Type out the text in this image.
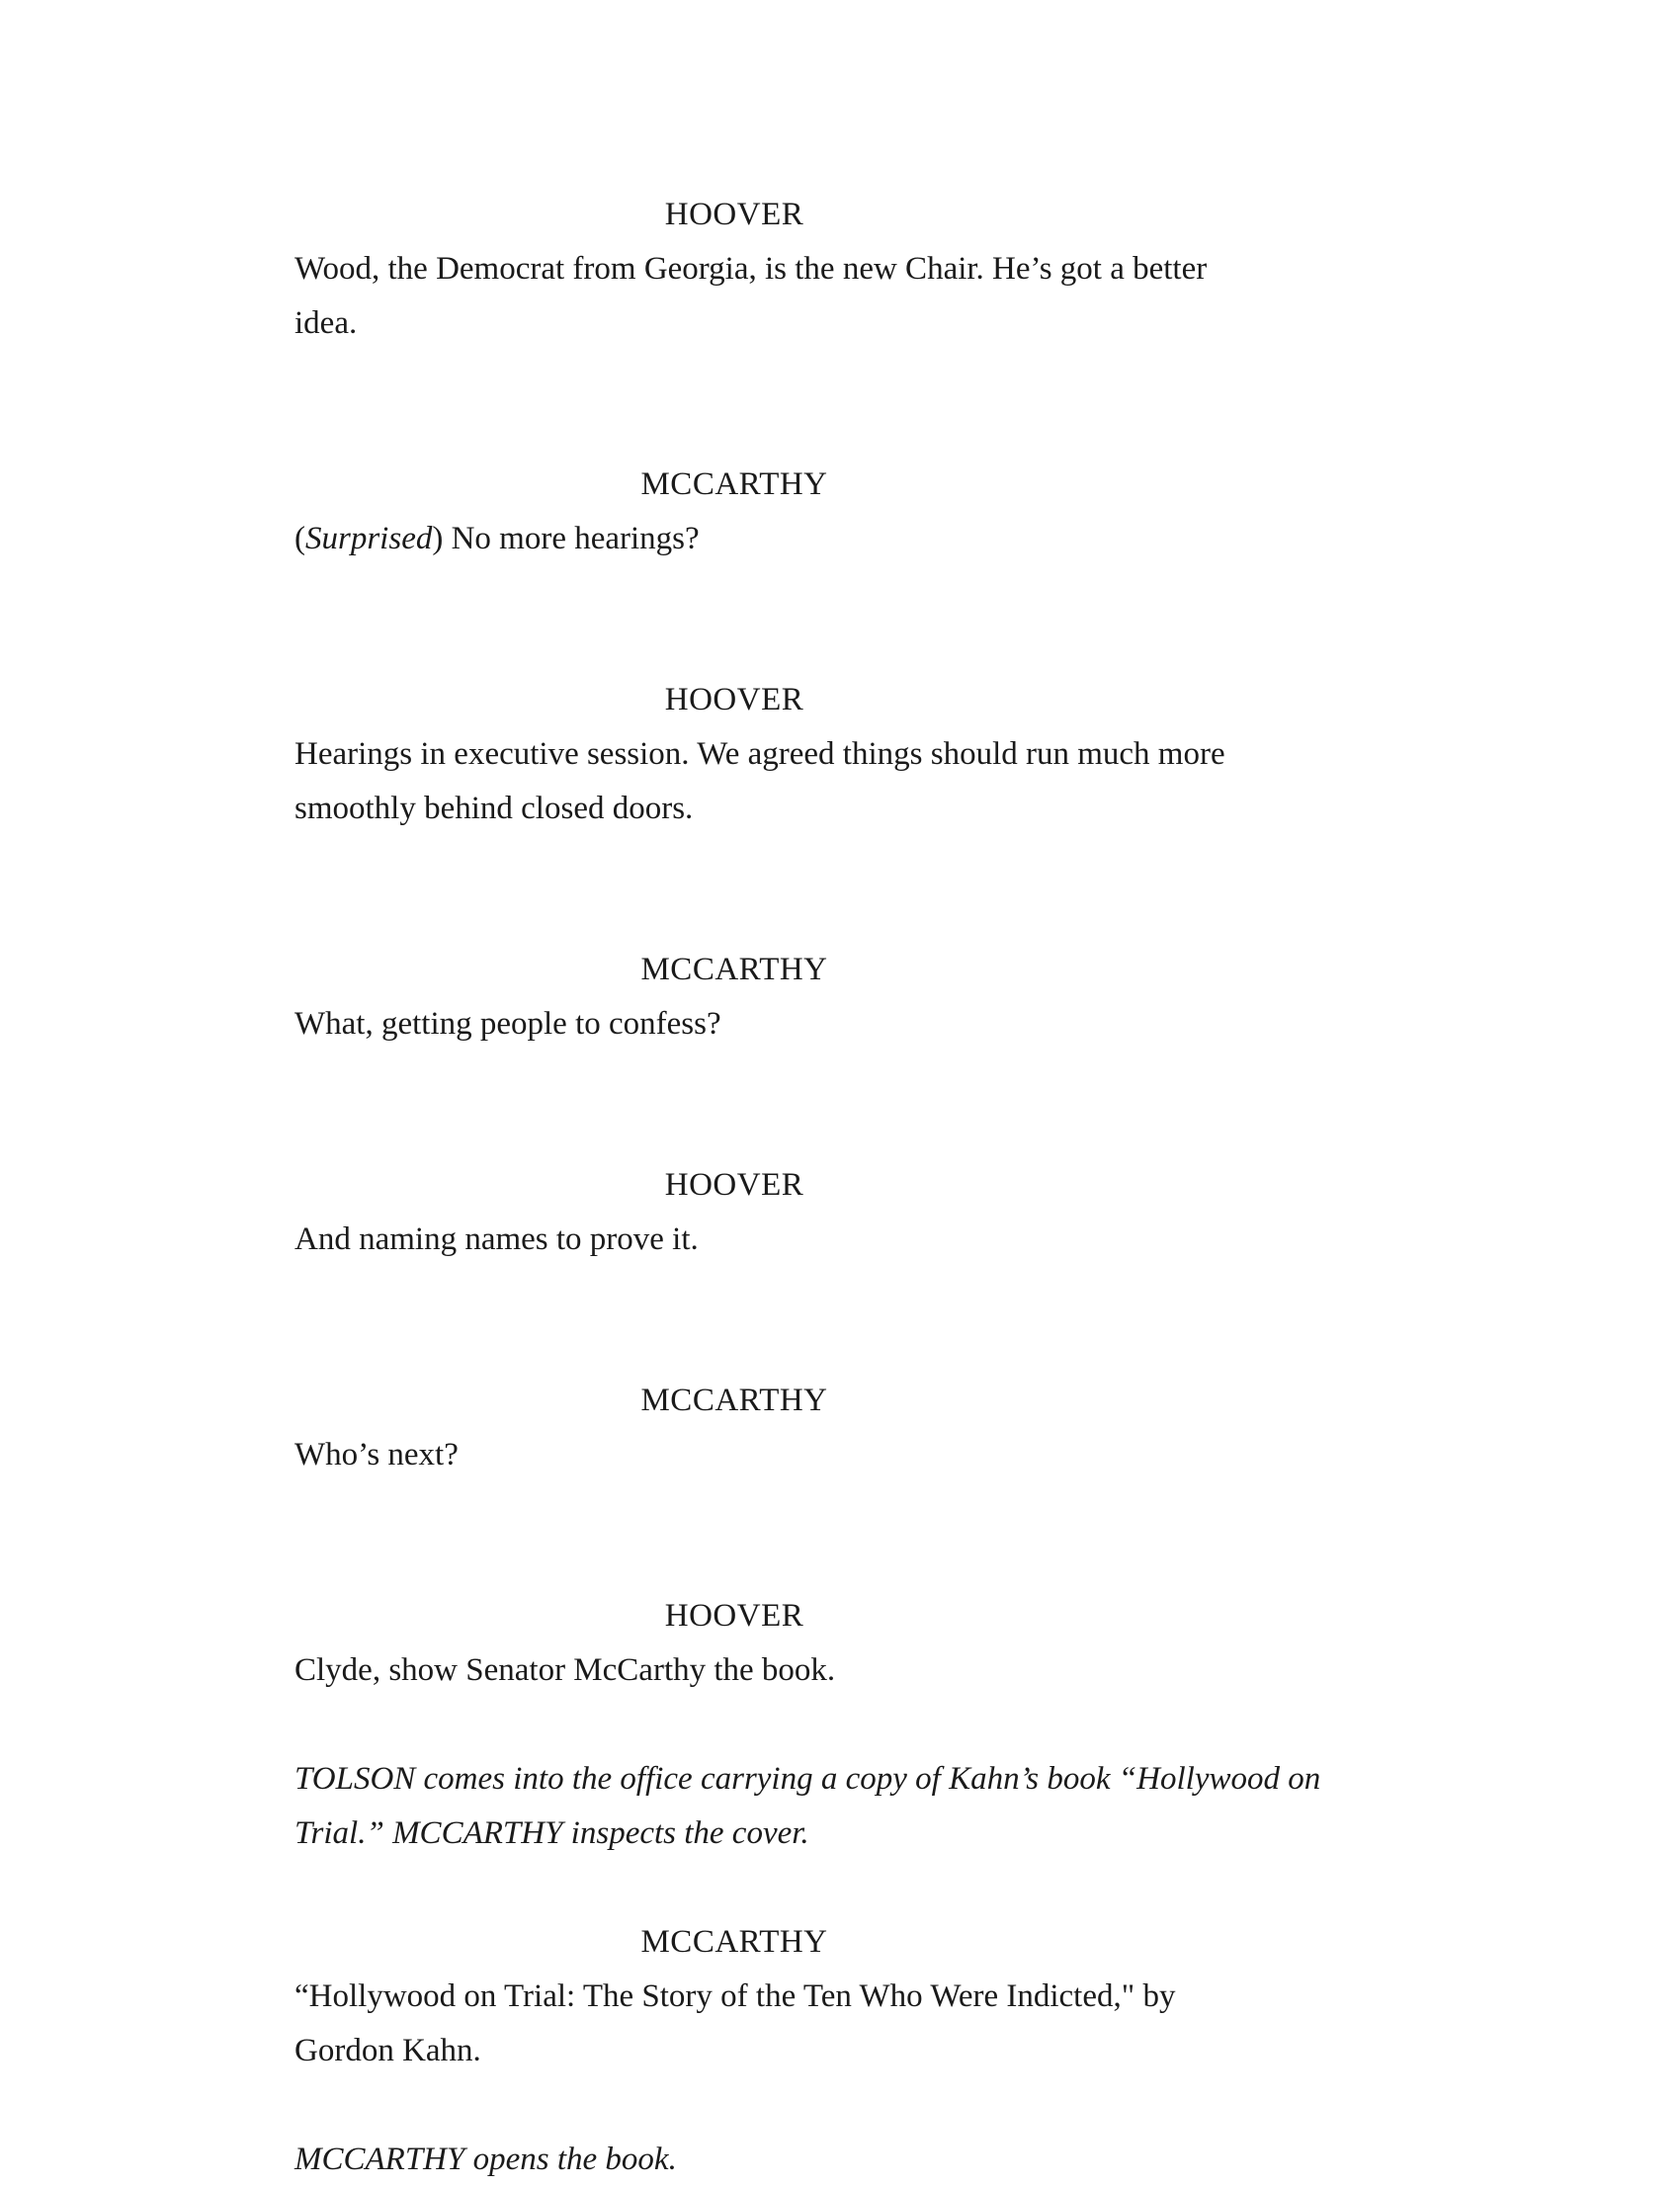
HOOVER
Wood, the Democrat from Georgia, is the new Chair. He’s got a better
idea.
MCCARTHY
(Surprised) No more hearings?
HOOVER
Hearings in executive session. We agreed things should run much more
smoothly behind closed doors.
MCCARTHY
What, getting people to confess?
HOOVER
And naming names to prove it.
MCCARTHY
Who’s next?
HOOVER
Clyde, show Senator McCarthy the book.
TOLSON comes into the office carrying a copy of Kahn’s book “Hollywood on
Trial.” MCCARTHY inspects the cover.
MCCARTHY
“Hollywood on Trial: The Story of the Ten Who Were Indicted," by
Gordon Kahn.
MCCARTHY opens the book.
